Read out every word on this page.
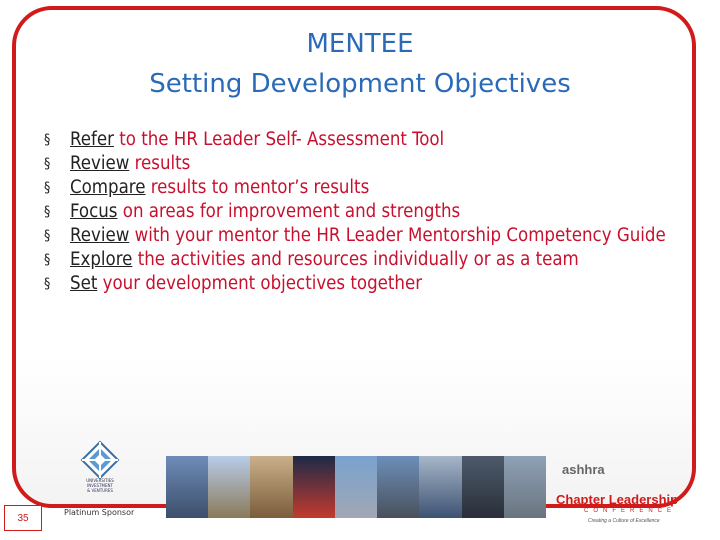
MENTEE
Setting Development Objectives
§	Refer to the HR Leader Self- Assessment Tool
§	Review results
§	Compare results to mentor’s results
§	Focus on areas for improvement and strengths
§	Review with your mentor the HR Leader Mentorship Competency Guide
§	Explore the activities and resources individually or as a team
§	Set your development objectives together
UNIVERSITIES
INVESTMENT
& VENTURES
Platinum Sponsor
35
ashhra
Chapter Leadership
CONFERENCE
Creating a Culture of Excellence
